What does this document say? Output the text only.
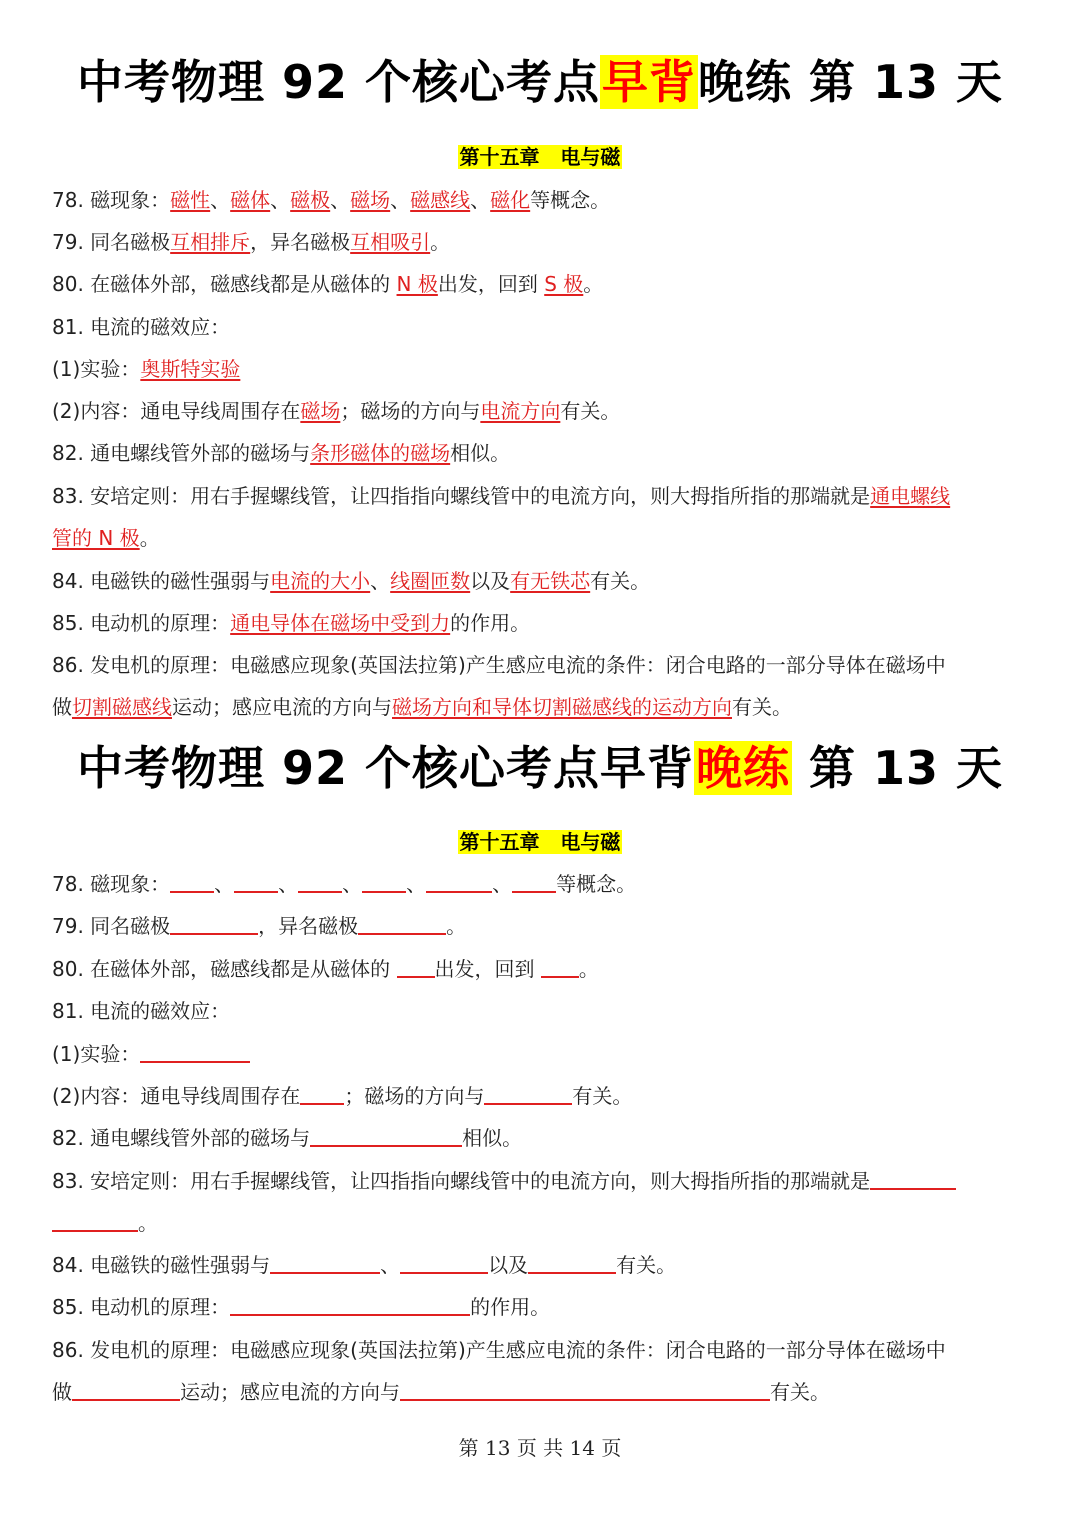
中考物理 92 个核心考点早背晚练 第 13 天
第十五章   电与磁
78. 磁现象：磁性、磁体、磁极、磁场、磁感线、磁化等概念。
79. 同名磁极互相排斥，异名磁极互相吸引。
80. 在磁体外部，磁感线都是从磁体的 N 极出发，回到 S 极。
81. 电流的磁效应：
(1)实验：奥斯特实验
(2)内容：通电导线周围存在磁场；磁场的方向与电流方向有关。
82. 通电螺线管外部的磁场与条形磁体的磁场相似。
83. 安培定则：用右手握螺线管，让四指指向螺线管中的电流方向，则大拇指所指的那端就是通电螺线
管的 N 极。
84. 电磁铁的磁性强弱与电流的大小、线圈匝数以及有无铁芯有关。
85. 电动机的原理：通电导体在磁场中受到力的作用。
86. 发电机的原理：电磁感应现象(英国法拉第)产生感应电流的条件：闭合电路的一部分导体在磁场中
做切割磁感线运动；感应电流的方向与磁场方向和导体切割磁感线的运动方向有关。
中考物理 92 个核心考点早背晚练 第 13 天
第十五章   电与磁
78. 磁现象： 、 、 、 、	、 等概念。
79. 同名磁极	，异名磁极	。
80. 在磁体外部，磁感线都是从磁体的 出发，回到 。
81. 电流的磁效应：
(1)实验：
(2)内容：通电导线周围存在 ；磁场的方向与	有关。
82. 通电螺线管外部的磁场与	相似。
83. 安培定则：用右手握螺线管，让四指指向螺线管中的电流方向，则大拇指所指的那端就是
。
84. 电磁铁的磁性强弱与	、	以及	有关。
85. 电动机的原理：	的作用。
86. 发电机的原理：电磁感应现象(英国法拉第)产生感应电流的条件：闭合电路的一部分导体在磁场中
做	运动；感应电流的方向与	有关。
第 13 页 共 14 页
